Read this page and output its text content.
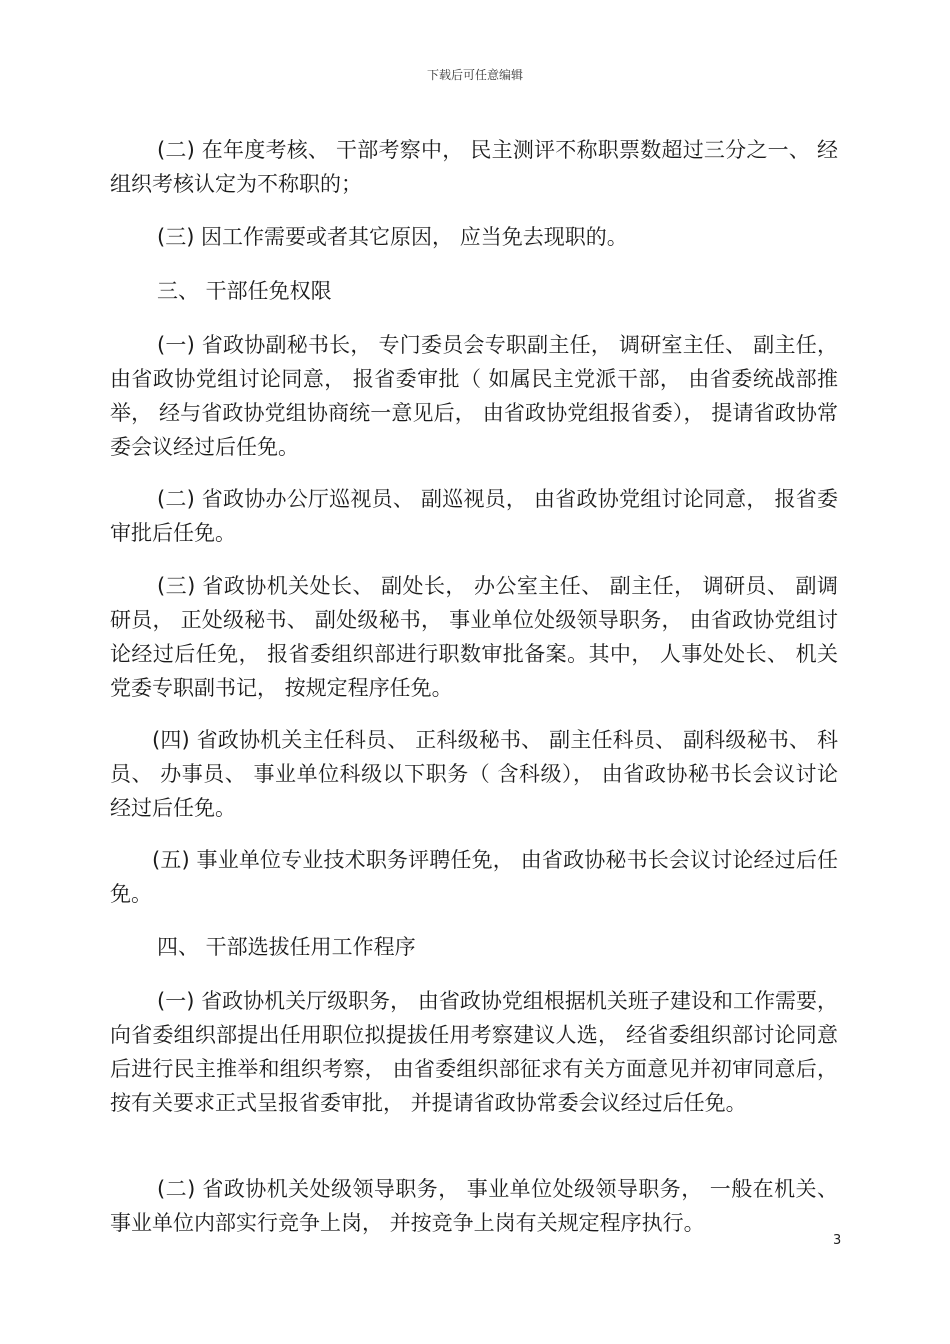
下载后可任意编辑

(二) 在年度考核、 干部考察中， 民主测评不称职票数超过三分之一、 经组织考核认定为不称职的；

(三) 因工作需要或者其它原因， 应当免去现职的。

三、 干部任免权限

(一) 省政协副秘书长， 专门委员会专职副主任， 调研室主任、 副主任， 由省政协党组讨论同意， 报省委审批（ 如属民主党派干部， 由省委统战部推举， 经与省政协党组协商统一意见后， 由省政协党组报省委）， 提请省政协常委会议经过后任免。

(二) 省政协办公厅巡视员、 副巡视员， 由省政协党组讨论同意， 报省委审批后任免。

(三) 省政协机关处长、 副处长， 办公室主任、 副主任， 调研员、 副调研员， 正处级秘书、 副处级秘书， 事业单位处级领导职务， 由省政协党组讨论经过后任免， 报省委组织部进行职数审批备案。其中， 人事处处长、 机关党委专职副书记， 按规定程序任免。

(四) 省政协机关主任科员、 正科级秘书、 副主任科员、 副科级秘书、 科员、 办事员、 事业单位科级以下职务（ 含科级）， 由省政协秘书长会议讨论经过后任免。

(五) 事业单位专业技术职务评聘任免， 由省政协秘书长会议讨论经过后任免。

四、 干部选拔任用工作程序

(一) 省政协机关厅级职务， 由省政协党组根据机关班子建设和工作需要， 向省委组织部提出任用职位拟提拔任用考察建议人选， 经省委组织部讨论同意后进行民主推举和组织考察， 由省委组织部征求有关方面意见并初审同意后， 按有关要求正式呈报省委审批， 并提请省政协常委会议经过后任免。

(二) 省政协机关处级领导职务， 事业单位处级领导职务， 一般在机关、 事业单位内部实行竞争上岗， 并按竞争上岗有关规定程序执行。

3
